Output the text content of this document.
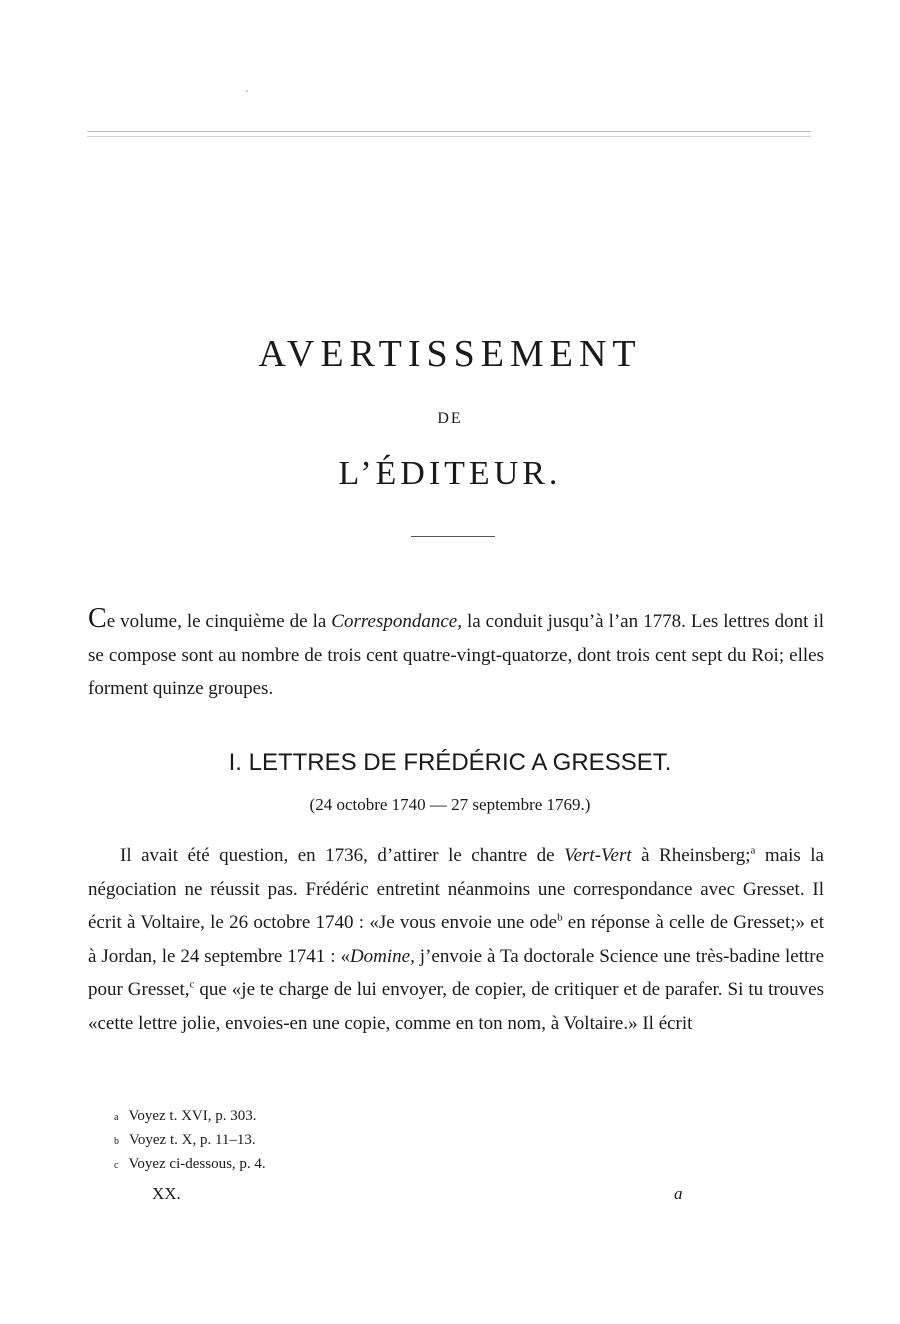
AVERTISSEMENT
DE
L’ÉDITEUR.
Ce volume, le cinquième de la Correspondance, la conduit jusqu’à l’an 1778. Les lettres dont il se compose sont au nombre de trois cent quatre-vingt-quatorze, dont trois cent sept du Roi; elles forment quinze groupes.
I. LETTRES DE FRÉDÉRIC A GRESSET.
(24 octobre 1740 — 27 septembre 1769.)
Il avait été question, en 1736, d’attirer le chantre de Vert-Vert à Rheinsberg;$^a$ mais la négociation ne réussit pas. Frédéric entretint néanmoins une correspondance avec Gresset. Il écrit à Voltaire, le 26 octobre 1740 : «Je vous envoie une ode$^b$ en réponse à celle de Gresset;» et à Jordan, le 24 septembre 1741 : «Domine, j’envoie à Ta doctorale Science une très-badine lettre pour Gresset,$^c$ que «je te charge de lui envoyer, de copier, de critiquer et de parafer. Si tu trouves «cette lettre jolie, envoies-en une copie, comme en ton nom, à Voltaire.» Il écrit
a Voyez t. XVI, p. 303.
b Voyez t. X, p. 11–13.
c Voyez ci-dessous, p. 4.
XX.	a
